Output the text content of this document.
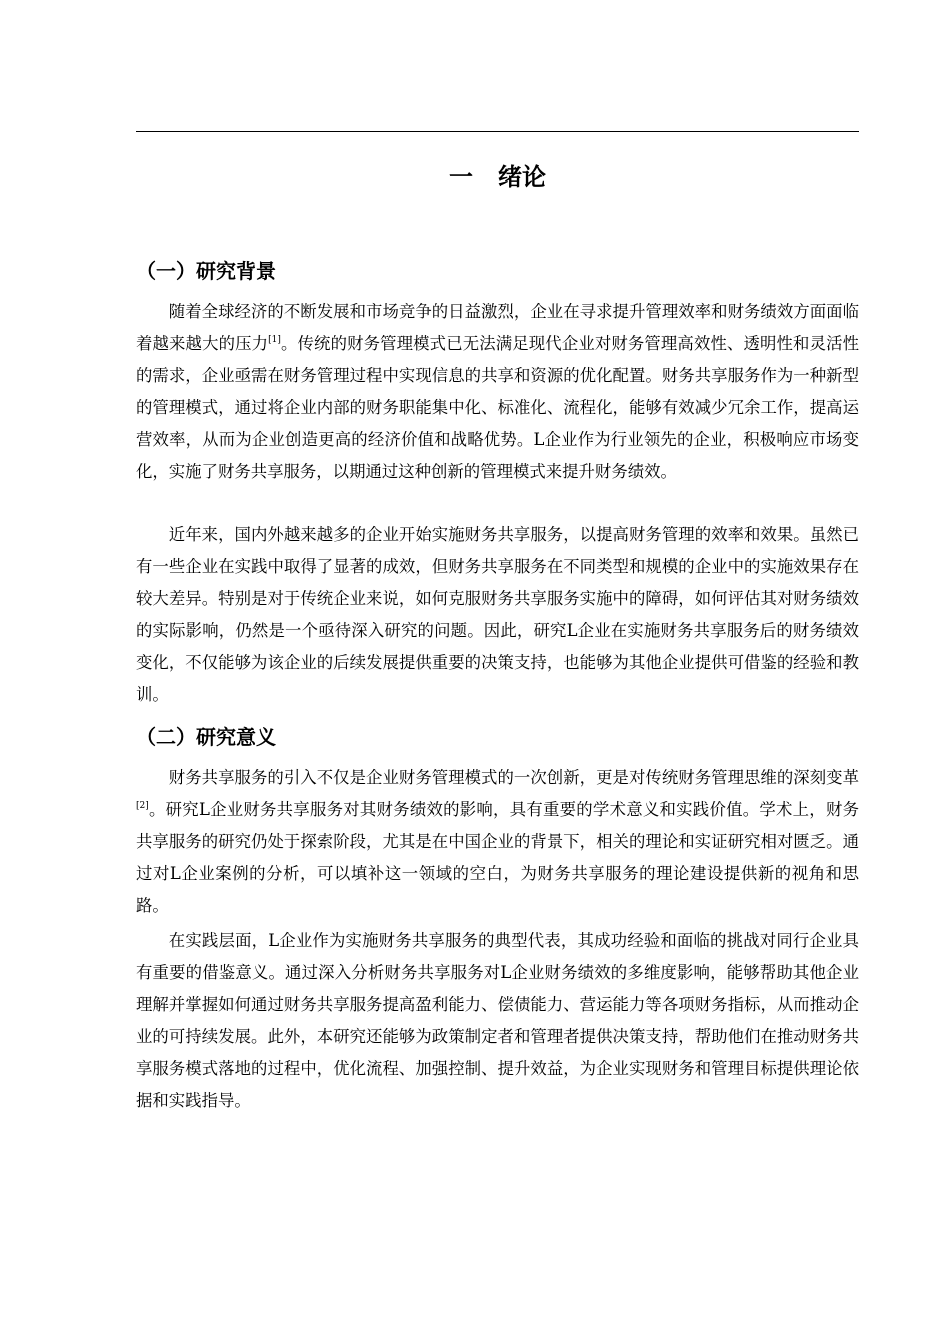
一   绪论
（一）研究背景

随着全球经济的不断发展和市场竞争的日益激烈，企业在寻求提升管理效率和财务绩效方面面临着越来越大的压力[1]。传统的财务管理模式已无法满足现代企业对财务管理高效性、透明性和灵活性的需求，企业亟需在财务管理过程中实现信息的共享和资源的优化配置。财务共享服务作为一种新型的管理模式，通过将企业内部的财务职能集中化、标准化、流程化，能够有效减少冗余工作，提高运营效率，从而为企业创造更高的经济价值和战略优势。L企业作为行业领先的企业，积极响应市场变化，实施了财务共享服务，以期通过这种创新的管理模式来提升财务绩效。

近年来，国内外越来越多的企业开始实施财务共享服务，以提高财务管理的效率和效果。虽然已有一些企业在实践中取得了显著的成效，但财务共享服务在不同类型和规模的企业中的实施效果存在较大差异。特别是对于传统企业来说，如何克服财务共享服务实施中的障碍，如何评估其对财务绩效的实际影响，仍然是一个亟待深入研究的问题。因此，研究L企业在实施财务共享服务后的财务绩效变化，不仅能够为该企业的后续发展提供重要的决策支持，也能够为其他企业提供可借鉴的经验和教训。

（二）研究意义

财务共享服务的引入不仅是企业财务管理模式的一次创新，更是对传统财务管理思维的深刻变革[2]。研究L企业财务共享服务对其财务绩效的影响，具有重要的学术意义和实践价值。学术上，财务共享服务的研究仍处于探索阶段，尤其是在中国企业的背景下，相关的理论和实证研究相对匮乏。通过对L企业案例的分析，可以填补这一领域的空白，为财务共享服务的理论建设提供新的视角和思路。

在实践层面，L企业作为实施财务共享服务的典型代表，其成功经验和面临的挑战对同行企业具有重要的借鉴意义。通过深入分析财务共享服务对L企业财务绩效的多维度影响，能够帮助其他企业理解并掌握如何通过财务共享服务提高盈利能力、偿债能力、营运能力等各项财务指标，从而推动企业的可持续发展。此外，本研究还能够为政策制定者和管理者提供决策支持，帮助他们在推动财务共享服务模式落地的过程中，优化流程、加强控制、提升效益，为企业实现财务和管理目标提供理论依据和实践指导。
